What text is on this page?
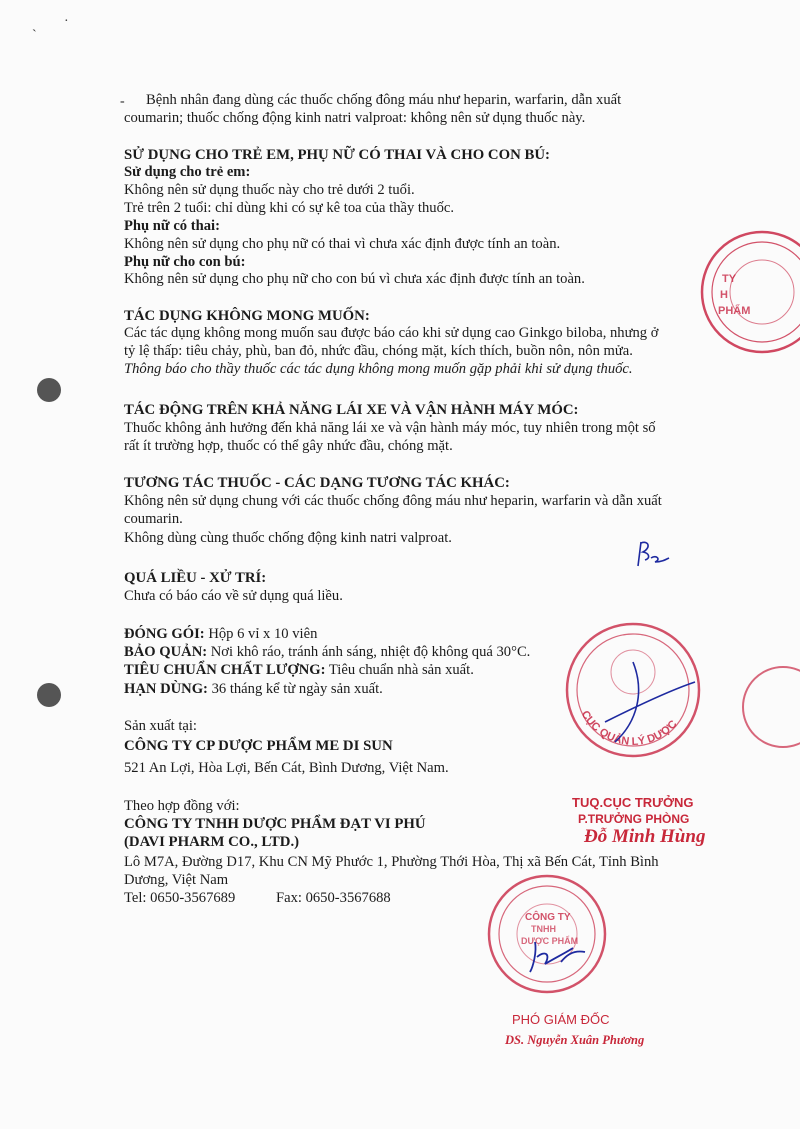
`
·
- Bệnh nhân đang dùng các thuốc chống đông máu như heparin, warfarin, dẫn xuất
coumarin; thuốc chống động kinh natri valproat: không nên sử dụng thuốc này.
SỬ DỤNG CHO TRẺ EM, PHỤ NỮ CÓ THAI VÀ CHO CON BÚ:
Sử dụng cho trẻ em:
Không nên sử dụng thuốc này cho trẻ dưới 2 tuổi.
Trẻ trên 2 tuổi: chỉ dùng khi có sự kê toa của thầy thuốc.
Phụ nữ có thai:
Không nên sử dụng cho phụ nữ có thai vì chưa xác định được tính an toàn.
Phụ nữ cho con bú:
Không nên sử dụng cho phụ nữ cho con bú vì chưa xác định được tính an toàn.
TÁC DỤNG KHÔNG MONG MUỐN:
Các tác dụng không mong muốn sau được báo cáo khi sử dụng cao Ginkgo biloba, nhưng ở
tỷ lệ thấp: tiêu chảy, phù, ban đỏ, nhức đầu, chóng mặt, kích thích, buồn nôn, nôn mửa.
Thông báo cho thầy thuốc các tác dụng không mong muốn gặp phải khi sử dụng thuốc.
TÁC ĐỘNG TRÊN KHẢ NĂNG LÁI XE VÀ VẬN HÀNH MÁY MÓC:
Thuốc không ảnh hưởng đến khả năng lái xe và vận hành máy móc, tuy nhiên trong một số
rất ít trường hợp, thuốc có thể gây nhức đầu, chóng mặt.
TƯƠNG TÁC THUỐC - CÁC DẠNG TƯƠNG TÁC KHÁC:
Không nên sử dụng chung với các thuốc chống đông máu như heparin, warfarin và dẫn xuất
coumarin.
Không dùng cùng thuốc chống động kinh natri valproat.
QUÁ LIỀU - XỬ TRÍ:
Chưa có báo cáo về sử dụng quá liều.
ĐÓNG GÓI: Hộp 6 vỉ x 10 viên
BẢO QUẢN: Nơi khô ráo, tránh ánh sáng, nhiệt độ không quá 30°C.
TIÊU CHUẨN CHẤT LƯỢNG: Tiêu chuẩn nhà sản xuất.
HẠN DÙNG: 36 tháng kể từ ngày sản xuất.
Sản xuất tại:
CÔNG TY CP DƯỢC PHẨM ME DI SUN
521 An Lợi, Hòa Lợi, Bến Cát, Bình Dương, Việt Nam.
Theo hợp đồng với:
CÔNG TY TNHH DƯỢC PHẨM ĐẠT VI PHÚ
(DAVI PHARM CO., LTD.)
Lô M7A, Đường D17, Khu CN Mỹ Phước 1, Phường Thới Hòa, Thị xã Bến Cát, Tỉnh Bình
Dương, Việt Nam
Tel: 0650-3567689	Fax: 0650-3567688
TY
H
PHẨM
CỤC QUẢN LÝ DƯỢC
TUQ.CỤC TRƯỞNG
P.TRƯỞNG PHÒNG
Đỗ Minh Hùng
CÔNG TY
TNHH
DƯỢC PHẨM
PHÓ GIÁM ĐỐC
DS. Nguyễn Xuân Phương
